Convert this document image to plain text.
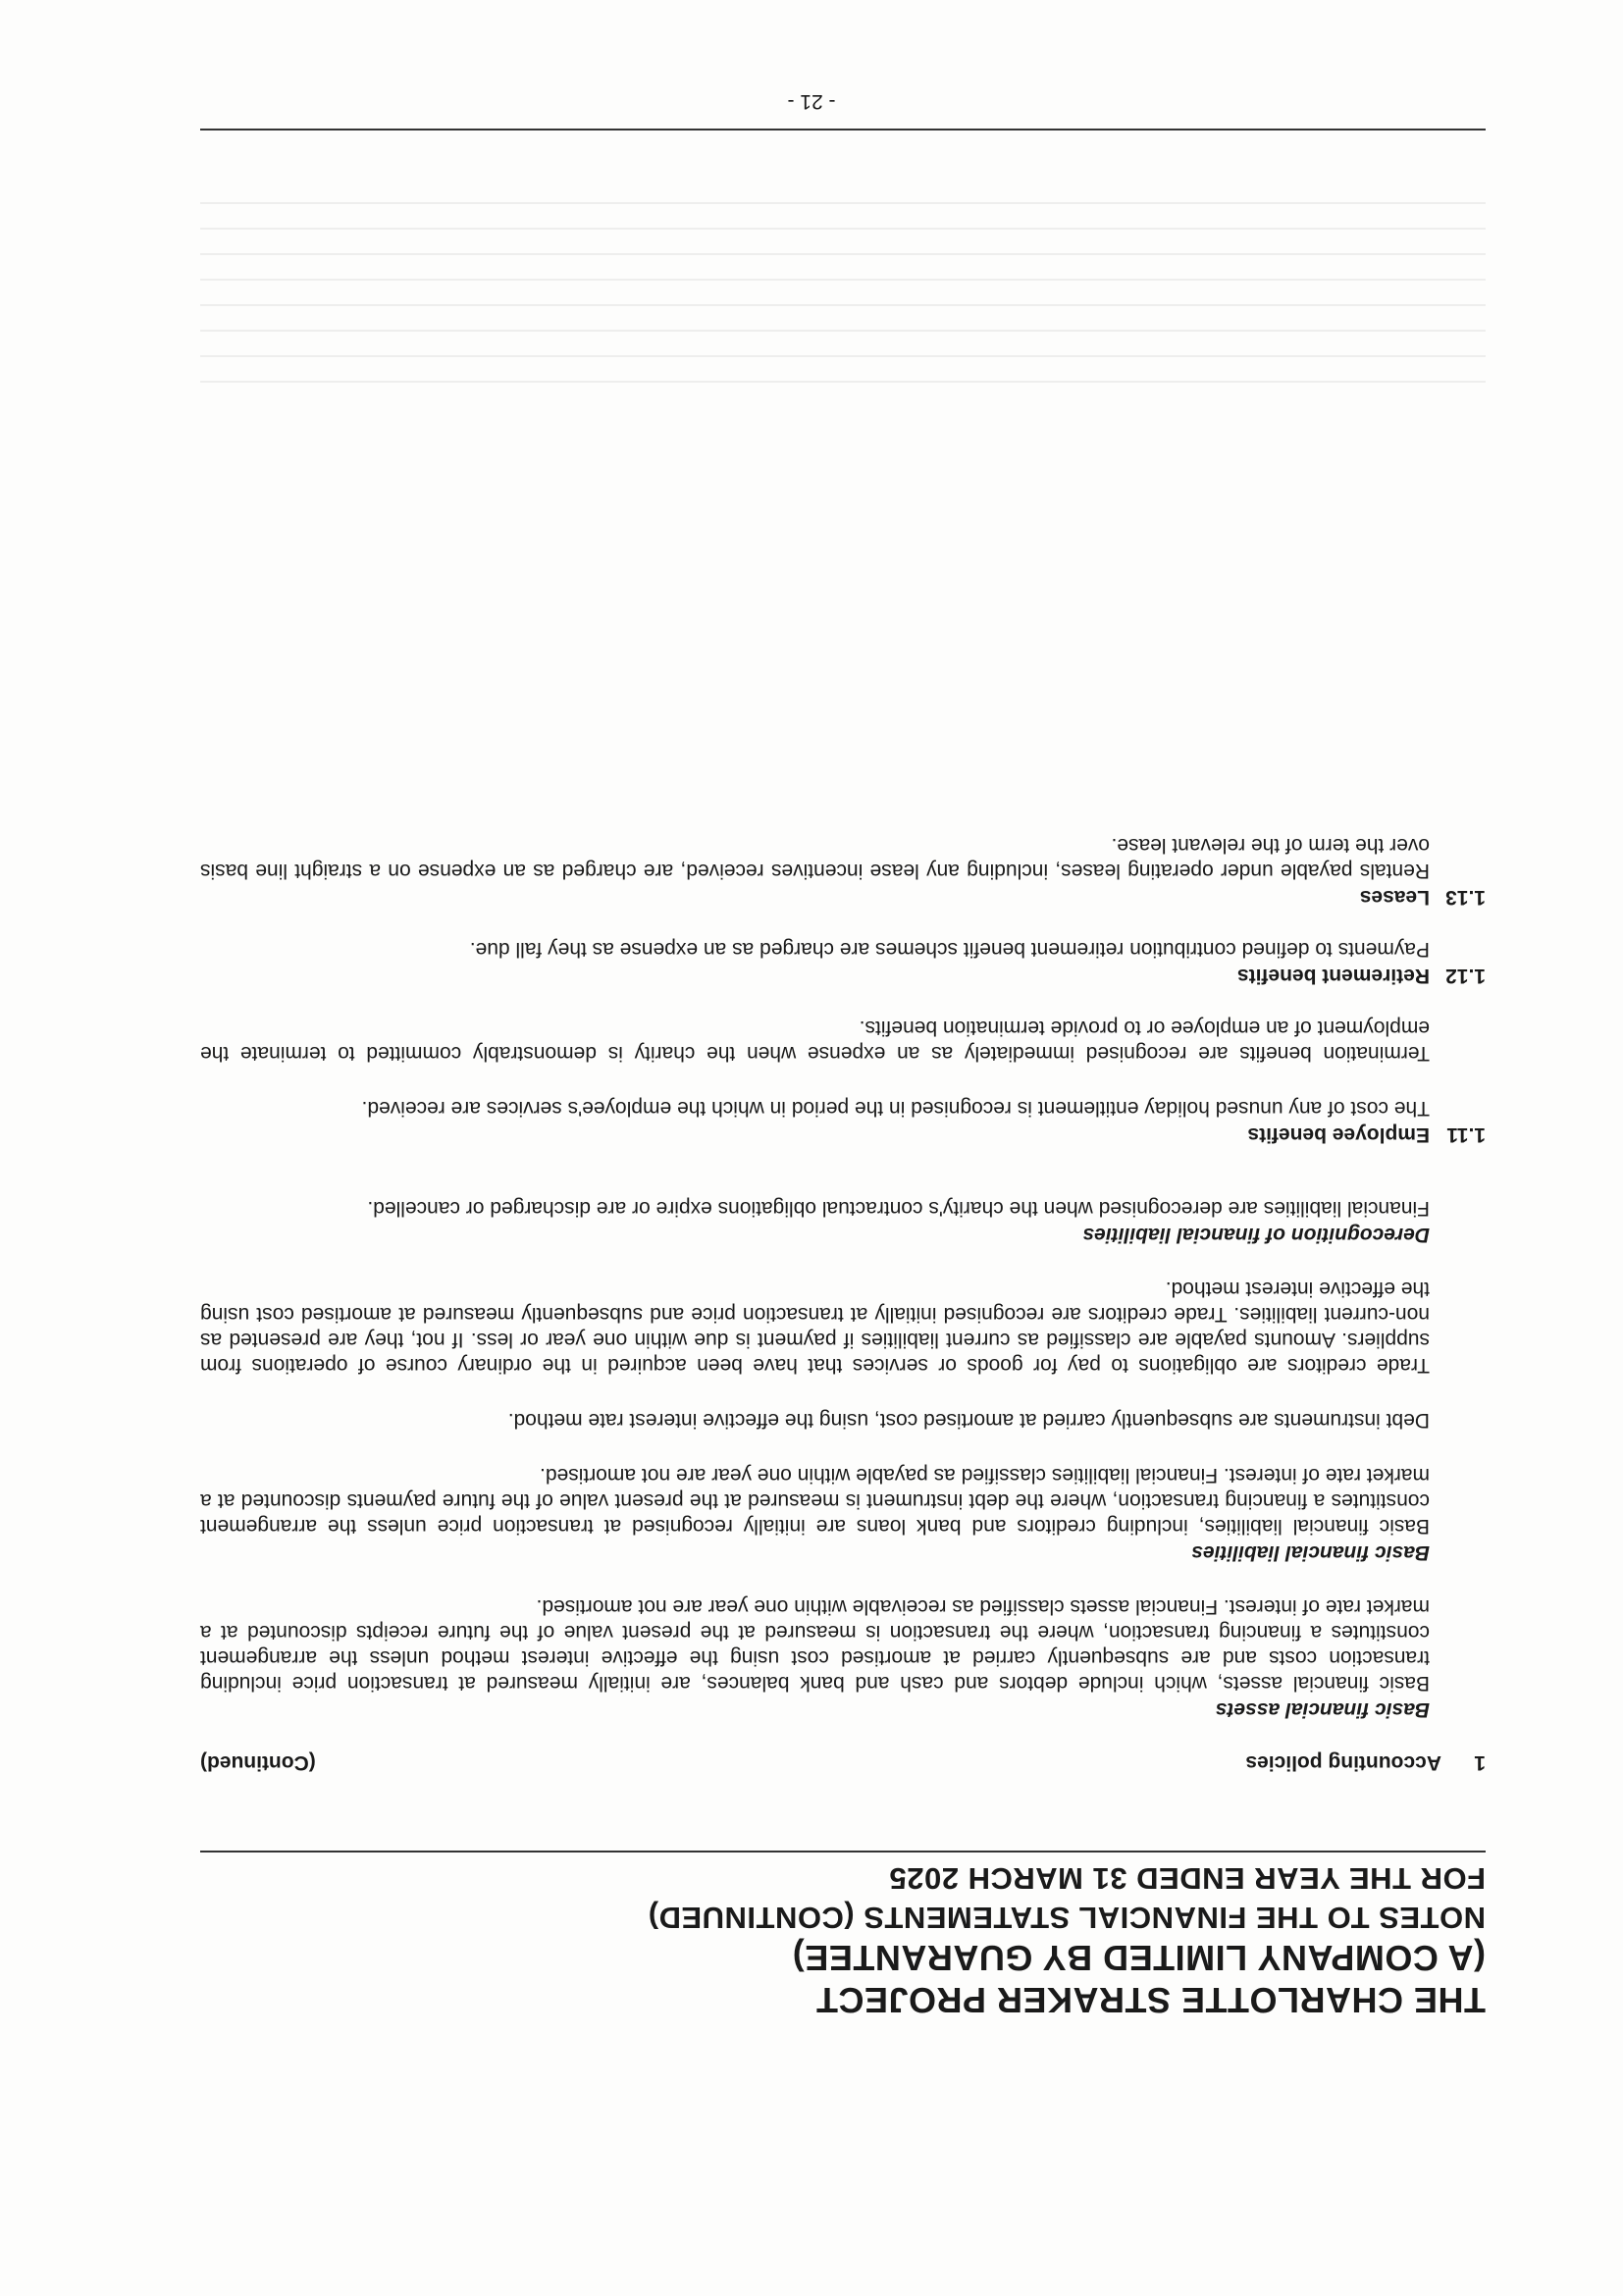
THE CHARLOTTE STRAKER PROJECT
(A COMPANY LIMITED BY GUARANTEE)
NOTES TO THE FINANCIAL STATEMENTS (CONTINUED)
FOR THE YEAR ENDED 31 MARCH 2025
1 Accounting policies
(Continued)
Basic financial assets
Basic financial assets, which include debtors and cash and bank balances, are initially measured at transaction price including transaction costs and are subsequently carried at amortised cost using the effective interest method unless the arrangement constitutes a financing transaction, where the transaction is measured at the present value of the future receipts discounted at a market rate of interest. Financial assets classified as receivable within one year are not amortised.
Basic financial liabilities
Basic financial liabilities, including creditors and bank loans are initially recognised at transaction price unless the arrangement constitutes a financing transaction, where the debt instrument is measured at the present value of the future payments discounted at a market rate of interest. Financial liabilities classified as payable within one year are not amortised.
Debt instruments are subsequently carried at amortised cost, using the effective interest rate method.
Trade creditors are obligations to pay for goods or services that have been acquired in the ordinary course of operations from suppliers. Amounts payable are classified as current liabilities if payment is due within one year or less. If not, they are presented as non-current liabilities. Trade creditors are recognised initially at transaction price and subsequently measured at amortised cost using the effective interest method.
Derecognition of financial liabilities
Financial liabilities are derecognised when the charity's contractual obligations expire or are discharged or cancelled.
1.11Employee benefits
The cost of any unused holiday entitlement is recognised in the period in which the employee's services are received.
Termination benefits are recognised immediately as an expense when the charity is demonstrably committed to terminate the employment of an employee or to provide termination benefits.
1.12Retirement benefits
Payments to defined contribution retirement benefit schemes are charged as an expense as they fall due.
1.13Leases
Rentals payable under operating leases, including any lease incentives received, are charged as an expense on a straight line basis over the term of the relevant lease.
- 21 -
